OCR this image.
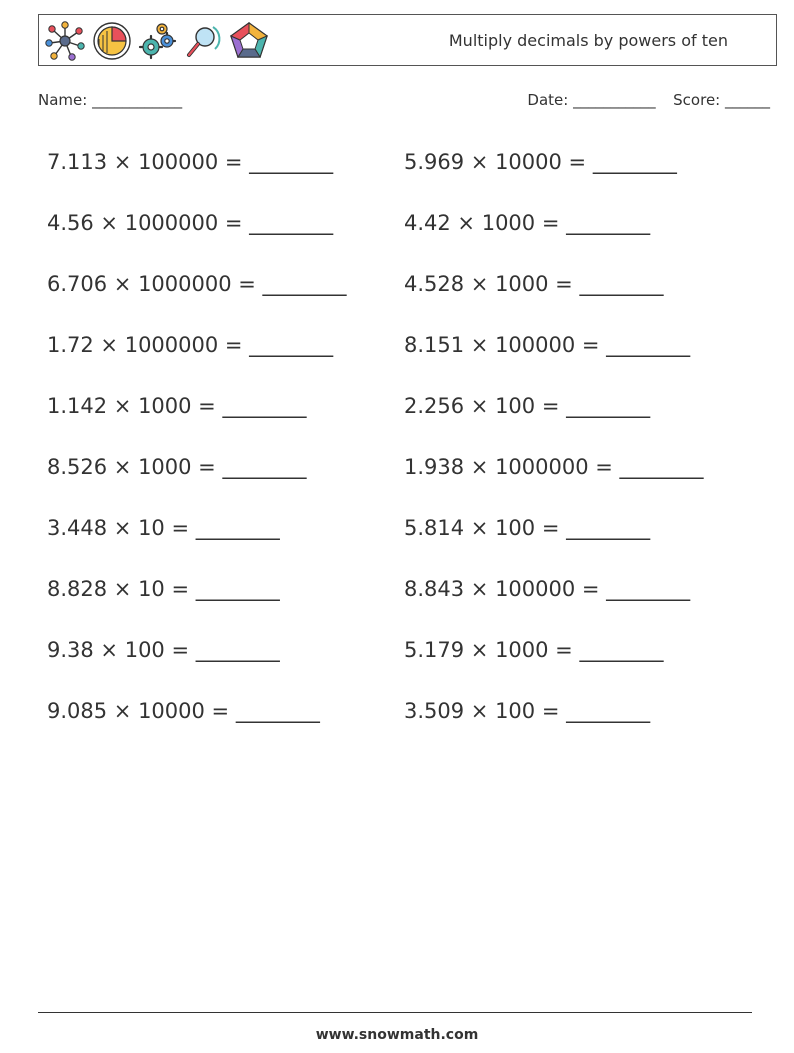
Multiply decimals by powers of ten
Name: ____________	Date: ___________ Score: ______
7.113 × 100000 = ________	5.969 × 10000 = ________
4.56 × 1000000 = ________	4.42 × 1000 = ________
6.706 × 1000000 = ________	4.528 × 1000 = ________
1.72 × 1000000 = ________	8.151 × 100000 = ________
1.142 × 1000 = ________	2.256 × 100 = ________
8.526 × 1000 = ________	1.938 × 1000000 = ________
3.448 × 10 = ________	5.814 × 100 = ________
8.828 × 10 = ________	8.843 × 100000 = ________
9.38 × 100 = ________	5.179 × 1000 = ________
9.085 × 10000 = ________	3.509 × 100 = ________
www.snowmath.com
